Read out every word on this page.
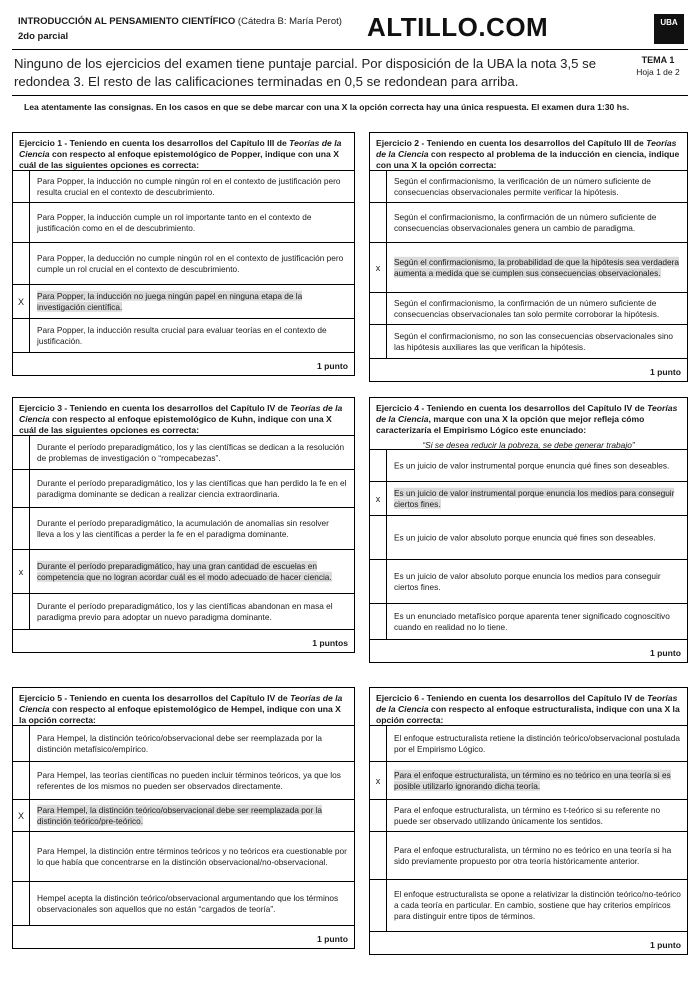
INTRODUCCIÓN AL PENSAMIENTO CIENTÍFICO (Cátedra B: María Perot)
2do parcial	ALTILLO.COM	UBA
Ninguno de los ejercicios del examen tiene puntaje parcial. Por disposición de la UBA la nota 3,5 se redondea 3. El resto de las calificaciones terminadas en 0,5 se redondean para arriba.
TEMA 1
Hoja 1 de 2
Lea atentamente las consignas. En los casos en que se debe marcar con una X la opción correcta hay una única respuesta. El examen dura 1:30 hs.
Ejercicio 1 - Teniendo en cuenta los desarrollos del Capítulo III de Teorías de la Ciencia con respecto al enfoque epistemológico de Popper, indique con una X cuál de las siguientes opciones es correcta:
Para Popper, la inducción no cumple ningún rol en el contexto de justificación pero resulta crucial en el contexto de descubrimiento.
Para Popper, la inducción cumple un rol importante tanto en el contexto de justificación como en el de descubrimiento.
Para Popper, la deducción no cumple ningún rol en el contexto de justificación pero cumple un rol crucial en el contexto de descubrimiento.
X
Para Popper, la inducción no juega ningún papel en ninguna etapa de la investigación científica.
Para Popper, la inducción resulta crucial para evaluar teorías en el contexto de justificación.
1 punto
Ejercicio 2 - Teniendo en cuenta los desarrollos del Capítulo III de Teorías de la Ciencia con respecto al problema de la inducción en ciencia, indique con una X la opción correcta:
Según el confirmacionismo, la verificación de un número suficiente de consecuencias observacionales permite verificar la hipótesis.
Según el confirmacionismo, la confirmación de un número suficiente de consecuencias observacionales genera un cambio de paradigma.
x
Según el confirmacionismo, la probabilidad de que la hipótesis sea verdadera aumenta a medida que se cumplen sus consecuencias observacionales.
Según el confirmacionismo, la confirmación de un número suficiente de consecuencias observacionales tan solo permite corroborar la hipótesis.
Según el confirmacionismo, no son las consecuencias observacionales sino las hipótesis auxiliares las que verifican la hipótesis.
1 punto
Ejercicio 3 - Teniendo en cuenta los desarrollos del Capítulo IV de Teorías de la Ciencia con respecto al enfoque epistemológico de Kuhn, indique con una X cuál de las siguientes opciones es correcta:
Durante el período preparadigmático, los y las científicas se dedican a la resolución de problemas de investigación o “rompecabezas”.
Durante el período preparadigmático, los y las científicas que han perdido la fe en el paradigma dominante se dedican a realizar ciencia extraordinaria.
Durante el período preparadigmático, la acumulación de anomalías sin resolver lleva a los y las científicas a perder la fe en el paradigma dominante.
x
Durante el período preparadigmático, hay una gran cantidad de escuelas en competencia que no logran acordar cuál es el modo adecuado de hacer ciencia.
Durante el período preparadigmático, los y las científicas abandonan en masa el paradigma previo para adoptar un nuevo paradigma dominante.
1 puntos
Ejercicio 4 - Teniendo en cuenta los desarrollos del Capítulo IV de Teorías de la Ciencia, marque con una X la opción que mejor refleja cómo caracterizaría el Empirismo Lógico este enunciado:
“Si se desea reducir la pobreza, se debe generar trabajo”
Es un juicio de valor instrumental porque enuncia qué fines son deseables.
x
Es un juicio de valor instrumental porque enuncia los medios para conseguir ciertos fines.
Es un juicio de valor absoluto porque enuncia qué fines son deseables.
Es un juicio de valor absoluto porque enuncia los medios para conseguir ciertos fines.
Es un enunciado metafísico porque aparenta tener significado cognoscitivo cuando en realidad no lo tiene.
1 punto
Ejercicio 5 - Teniendo en cuenta los desarrollos del Capítulo IV de Teorías de la Ciencia con respecto al enfoque epistemológico de Hempel, indique con una X la opción correcta:
Para Hempel, la distinción teórico/observacional debe ser reemplazada por la distinción metafísico/empírico.
Para Hempel, las teorías científicas no pueden incluir términos teóricos, ya que los referentes de los mismos no pueden ser observados directamente.
X
Para Hempel, la distinción teórico/observacional debe ser reemplazada por la distinción teórico/pre-teórico.
Para Hempel, la distinción entre términos teóricos y no teóricos era cuestionable por lo que había que concentrarse en la distinción observacional/no-observacional.
Hempel acepta la distinción teórico/observacional argumentando que los términos observacionales son aquellos que no están “cargados de teoría”.
1 punto
Ejercicio 6 - Teniendo en cuenta los desarrollos del Capítulo IV de Teorías de la Ciencia con respecto al enfoque estructuralista, indique con una X la opción correcta:
El enfoque estructuralista retiene la distinción teórico/observacional postulada por el Empirismo Lógico.
x
Para el enfoque estructuralista, un término es no teórico en una teoría si es posible utilizarlo ignorando dicha teoría.
Para el enfoque estructuralista, un término es t-teórico si su referente no puede ser observado utilizando únicamente los sentidos.
Para el enfoque estructuralista, un término no es teórico en una teoría si ha sido previamente propuesto por otra teoría históricamente anterior.
El enfoque estructuralista se opone a relativizar la distinción teórico/no-teórico a cada teoría en particular. En cambio, sostiene que hay criterios empíricos para distinguir entre tipos de términos.
1 punto
